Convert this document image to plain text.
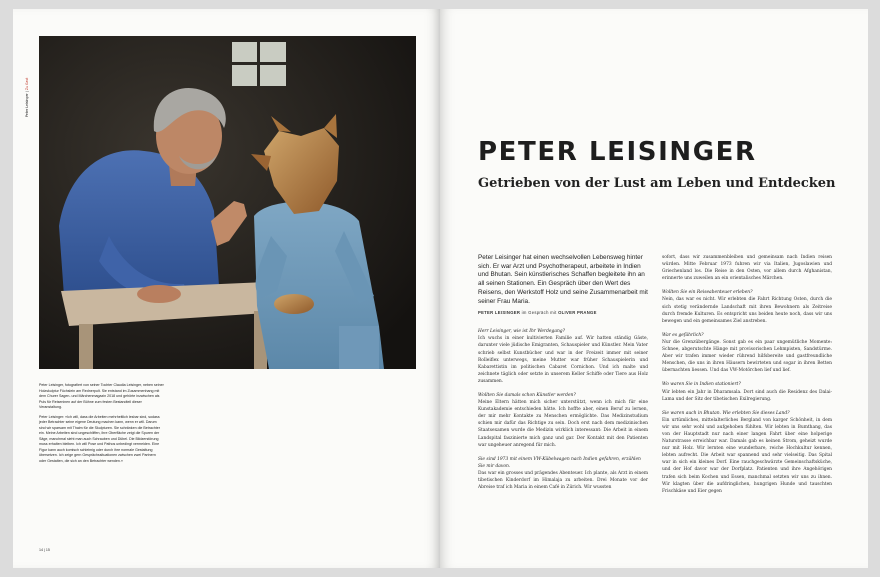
Peter Leisinger | Zu Gast

Peter Leisinger, fotografiert von seiner Tochter Claudia Leisinger, neben seiner Holzskulptur Füchslein am Rednerpult. Sie entstand im Zusammenhang mit dem Churer Sagen- und Märchenmagazin 2018 und gehörte inzwischen als Puls für Reiseninen auf der Bühne zum festen Bestandteil dieser Veranstaltung.

Peter Leisinger: «Ich will, dass die Arbeiten mehrheitlich lesbar sind, sodass jeder Betrachter seine eigene Deutung machen kann, wenn er will. Darum sind wir sparsam mit Thaim für die Skulpturen. Sie schränken die Betrachter ein. Meine Arbeiten sind ungeschliffen, ihre Oberfläche zeigt die Spuren der Säge, manchmal sieht man auch Schrauben und Dübel. Die Bildzerstörung muss erhalten bleiben. Ich will Pose und Pathos unbedingt vermeiden. Eine Figur kann auch komisch schleimig oder durch ihre normale Gestaltung übersetzen. Ich zeige gern Gesprächssituationen zwischen zwei Partnern oder Gestalten, die sich an den Betrachter wenden.»

14 | 15
PETER LEISINGER
Getrieben von der Lust am Leben und Entdecken

Peter Leisinger hat einen wechselvollen Lebensweg hinter sich. Er war Arzt und Psychotherapeut, arbeitete in Indien und Bhutan. Sein künstlerisches Schaffen begleitete ihn an all seinen Stationen. Ein Gespräch über den Wert des Reisens, den Werkstoff Holz und seine Zusammenarbeit mit seiner Frau Maria.

PETER LEISINGER im Gespräch mit OLIVER PRANGE

Herr Leisinger, wie ist Ihr Werdegang?

Ich wuchs in einer kultivierten Familie auf. Wir hatten ständig Gäste, darunter viele jüdische Emigranten, Schauspieler und Künstler. Mein Vater schrieb selbst Kunstbücher und war in der Freizeit immer mit seiner Rolleiflex unterwegs, meine Mutter war früher Schauspielerin und Kabarettistin im politischen Cabaret Cornichon. Und ich malte und zeichnete täglich oder setzte in unserem Keller Schiffe oder Tiere aus Holz zusammen.

Wollten Sie damals schon Künstler werden?

Meine Eltern hätten mich sicher unterstützt, wenn ich mich für eine Kunstakademie entschieden hätte. Ich hoffte aber, einen Beruf zu lernen, der mir mehr Kontakte zu Menschen ermöglichte. Das Medizinstudium schien mir dafür das Richtige zu sein. Doch erst nach dem medizinischen Staatsexamen wurde die Medizin wirklich interessant: Die Arbeit in einem Landspital faszinierte mich ganz und gar. Der Kontakt mit den Patienten war ungeheuer anregend für mich.

Sie sind 1973 mit einem VW-Kübelwagen nach Indien gefahren, erzählen Sie mir davon.

Das war ein grosses und prägendes Abenteuer. Ich plante, als Arzt in einem tibetischen Kinderdorf im Himalaja zu arbeiten. Drei Monate vor der Abreise traf ich Maria in einem Café in Zürich. Wir wussten

sofort, dass wir zusammenbleiben und gemeinsam nach Indien reisen würden. Mitte Februar 1973 fuhren wir via Italien, Jugoslawien und Griechenland los. Die Reise in den Osten, vor allem durch Afghanistan, erinnerte uns zuweilen an ein orientalisches Märchen.

Wollten Sie ein Reiseabenteuer erleben?

Nein, das war es nicht. Wir erlebten die Fahrt Richtung Osten, durch die sich stetig verändernde Landschaft mit ihren Bewohnern als Zeitreise durch fremde Kulturen. Es entspricht uns beiden heute noch, dass wir uns bewegen und ein gemeinsames Ziel anstreben.

War es gefährlich?

Nur die Grenzübergänge. Sonst gab es ein paar ungemütliche Momente: Schnee, abgerutschte Hänge mit provisorischen Lehmpisten, Sandstürme. Aber wir trafen immer wieder rührend hilfsbereite und gastfreundliche Menschen, die uns in ihren Häusern bewirteten und sogar in ihren Betten übernachten liessen. Und das VW-Motörchen lief und lief.

Wo waren Sie in Indien stationiert?

Wir lebten ein Jahr in Dharamsala. Dort sind auch die Residenz des Dalai-Lama und der Sitz der tibetischen Exilregierung.

Sie waren auch in Bhutan. Wie erlebten Sie dieses Land?

Ein urtümliches, mittelalterliches Bergland von karger Schönheit, in dem wir uns sehr wohl und aufgehoben fühlten. Wir lebten in Bumthang, das von der Hauptstadt nur nach einer langen Fahrt über eine holperige Naturstrasse erreichbar war. Damals gab es keinen Strom, geheizt wurde nur mit Holz. Wir lernten eine wunderbare, reiche Hochkultur kennen, lebten aufrecht. Die Arbeit war spannend und sehr vielseitig. Das Spital war in sich ein kleines Dorf. Eine rauchgeschwärzte Gemeinschaftsküche, und der Hof davor war der Dorfplatz. Patienten und ihre Angehörigen trafen sich beim Kochen und Essen, manchmal setzten wir uns zu ihnen. Wir klagten über die aufdringlichen, hungrigen Hunde und tauschten Frischkäse und Eier gegen
